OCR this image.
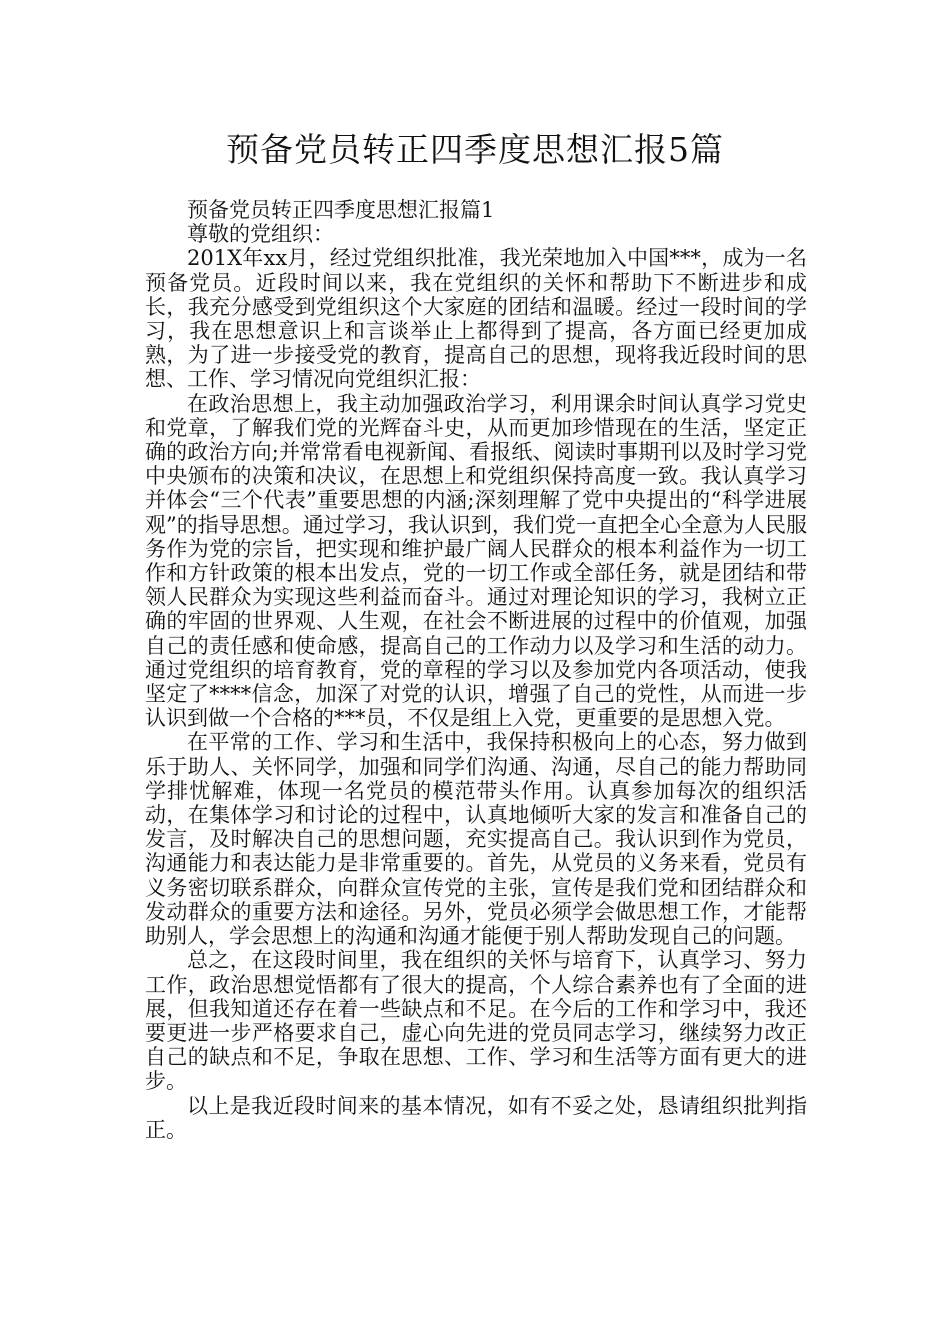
预备党员转正四季度思想汇报5篇

预备党员转正四季度思想汇报篇1

尊敬的党组织：

201X年xx月，经过党组织批准，我光荣地加入中国***，成为一名预备党员。近段时间以来，我在党组织的关怀和帮助下不断进步和成长，我充分感受到党组织这个大家庭的团结和温暖。经过一段时间的学习，我在思想意识上和言谈举止上都得到了提高，各方面已经更加成熟，为了进一步接受党的教育，提高自己的思想，现将我近段时间的思想、工作、学习情况向党组织汇报：

在政治思想上，我主动加强政治学习，利用课余时间认真学习党史和党章，了解我们党的光辉奋斗史，从而更加珍惜现在的生活，坚定正确的政治方向;并常常看电视新闻、看报纸、阅读时事期刊以及时学习党中央颁布的决策和决议，在思想上和党组织保持高度一致。我认真学习并体会“三个代表”重要思想的内涵;深刻理解了党中央提出的“科学进展观”的指导思想。通过学习，我认识到，我们党一直把全心全意为人民服务作为党的宗旨，把实现和维护最广阔人民群众的根本利益作为一切工作和方针政策的根本出发点，党的一切工作或全部任务，就是团结和带领人民群众为实现这些利益而奋斗。通过对理论知识的学习，我树立正确的牢固的世界观、人生观，在社会不断进展的过程中的价值观，加强自己的责任感和使命感，提高自己的工作动力以及学习和生活的动力。通过党组织的培育教育，党的章程的学习以及参加党内各项活动，使我坚定了****信念，加深了对党的认识，增强了自己的党性，从而进一步认识到做一个合格的***员，不仅是组上入党，更重要的是思想入党。

在平常的工作、学习和生活中，我保持积极向上的心态，努力做到乐于助人、关怀同学，加强和同学们沟通、沟通，尽自己的能力帮助同学排忧解难，体现一名党员的模范带头作用。认真参加每次的组织活动，在集体学习和讨论的过程中，认真地倾听大家的发言和准备自己的发言，及时解决自己的思想问题，充实提高自己。我认识到作为党员，沟通能力和表达能力是非常重要的。首先，从党员的义务来看，党员有义务密切联系群众，向群众宣传党的主张，宣传是我们党和团结群众和发动群众的重要方法和途径。另外，党员必须学会做思想工作，才能帮助别人，学会思想上的沟通和沟通才能便于别人帮助发现自己的问题。

总之，在这段时间里，我在组织的关怀与培育下，认真学习、努力工作，政治思想觉悟都有了很大的提高，个人综合素养也有了全面的进展，但我知道还存在着一些缺点和不足。在今后的工作和学习中，我还要更进一步严格要求自己，虚心向先进的党员同志学习，继续努力改正自己的缺点和不足，争取在思想、工作、学习和生活等方面有更大的进步。

以上是我近段时间来的基本情况，如有不妥之处，恳请组织批判指正。
